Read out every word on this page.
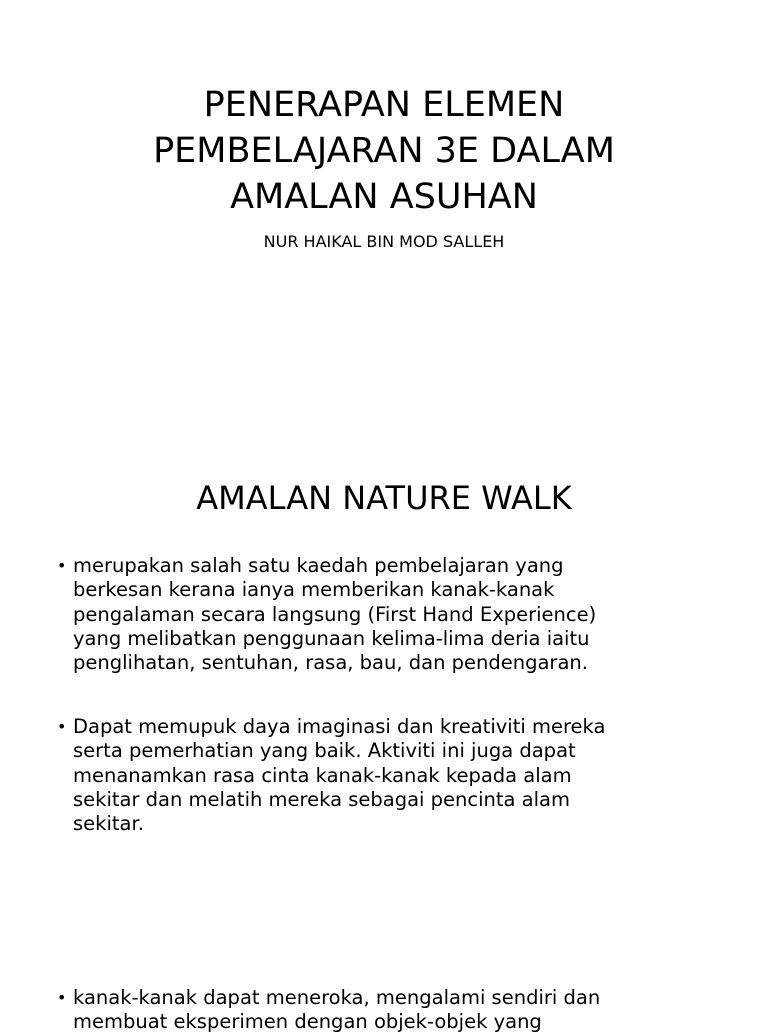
PENERAPAN ELEMEN
PEMBELAJARAN 3E DALAM
AMALAN ASUHAN

NUR HAIKAL BIN MOD SALLEH

AMALAN NATURE WALK
• merupakan salah satu kaedah pembelajaran yang
berkesan kerana ianya memberikan kanak-kanak
pengalaman secara langsung (First Hand Experience)
yang melibatkan penggunaan kelima-lima deria iaitu
penglihatan, sentuhan, rasa, bau, dan pendengaran.
• Dapat memupuk daya imaginasi dan kreativiti mereka
serta pemerhatian yang baik. Aktiviti ini juga dapat
menanamkan rasa cinta kanak-kanak kepada alam
sekitar dan melatih mereka sebagai pencinta alam
sekitar.
• kanak-kanak dapat meneroka, mengalami sendiri dan
membuat eksperimen dengan objek-objek yang
